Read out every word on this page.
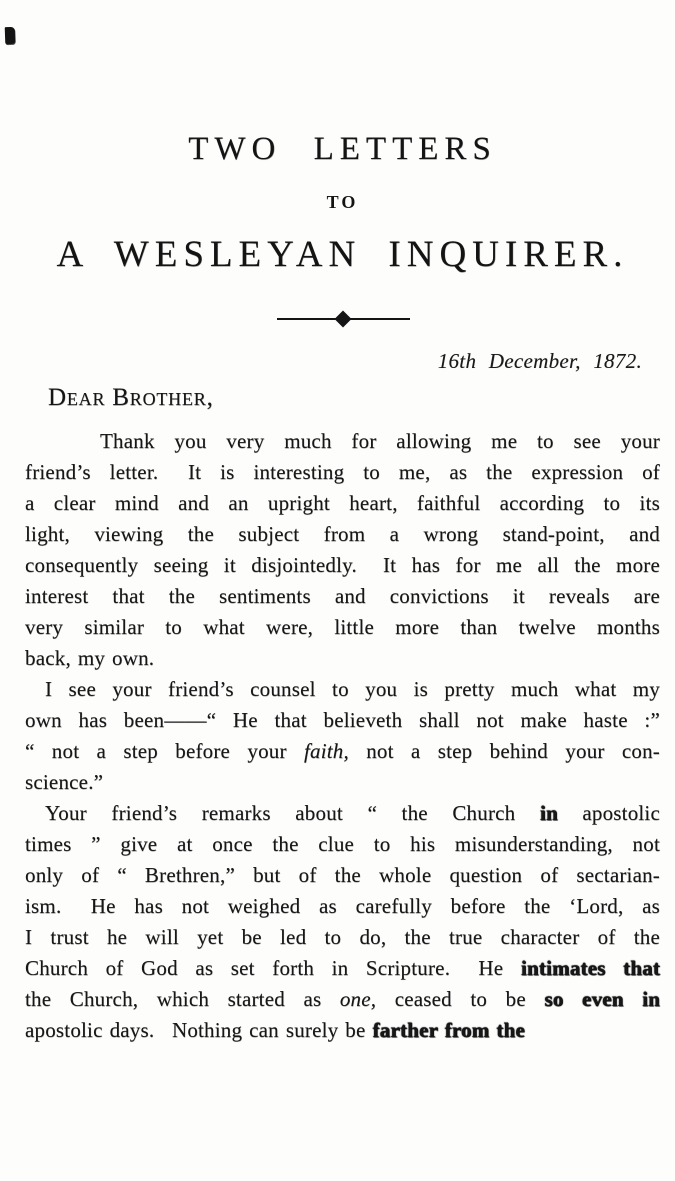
TWO LETTERS
TO
A WESLEYAN INQUIRER.
16th December, 1872.
Dear Brother,
Thank you very much for allowing me to see your
friend’s letter.  It is interesting to me, as the expression of
a clear mind and an upright heart, faithful according to its
light, viewing the subject from a wrong stand-point, and
consequently seeing it disjointedly.  It has for me all the more
interest that the sentiments and convictions it reveals are
very similar to what were, little more than twelve months
back, my own.
I see your friend’s counsel to you is pretty much what my
own has been——“ He that believeth shall not make haste :”
“ not a step before your faith, not a step behind your con-
science.”
Your friend’s remarks about “ the Church in apostolic
times ” give at once the clue to his misunderstanding, not
only of “ Brethren,” but of the whole question of sectarian-
ism.  He has not weighed as carefully before the ‘Lord, as
I trust he will yet be led to do, the true character of the
Church of God as set forth in Scripture.  He intimates that
the Church, which started as one, ceased to be so even in
apostolic days.  Nothing can surely be farther from the
